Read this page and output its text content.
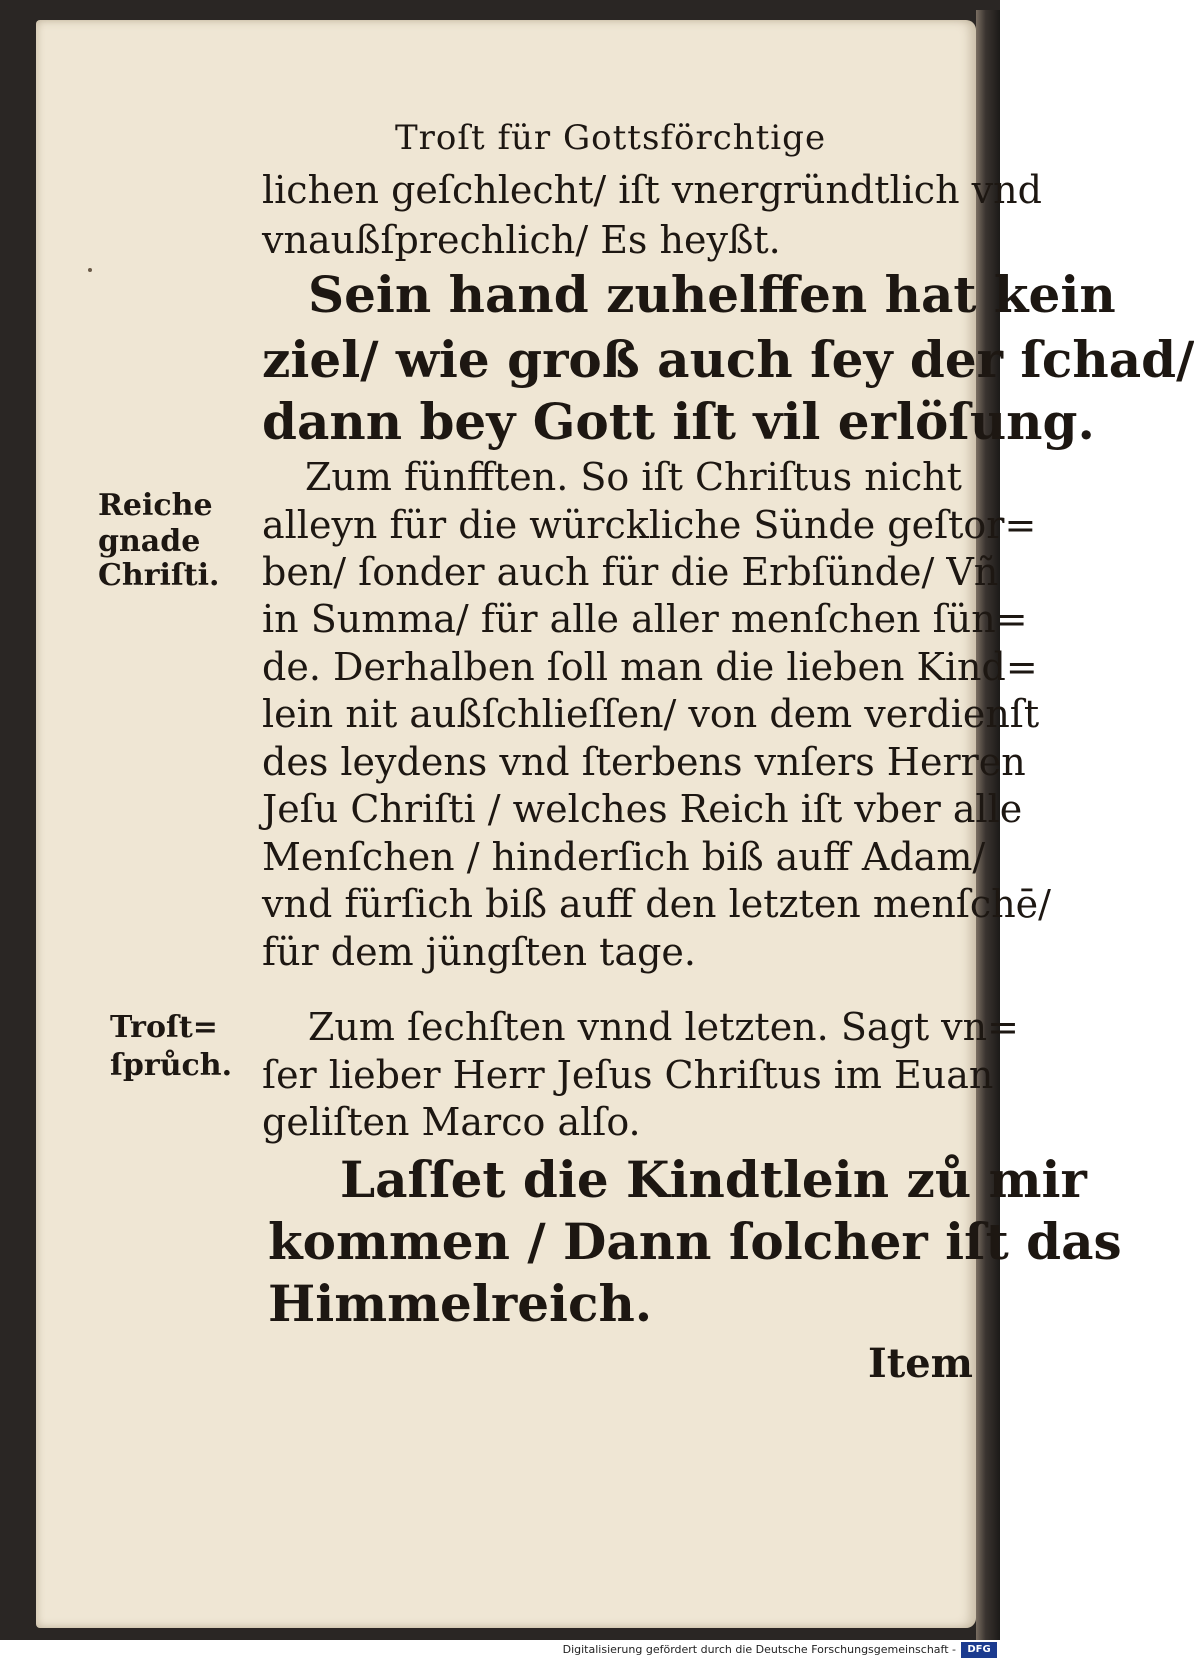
Troſt für Gottsförchtige
lichen geſchlecht/ iſt vnergründtlich vnd
vnaußſprechlich/ Es heyßt.
Sein hand zuhelffen hat kein
ziel/ wie groß auch ſey der ſchad/
dann bey Gott iſt vil erlöſung.
Zum fünfften. So iſt Chriſtus nicht
alleyn für die würckliche Sünde geſtor=
ben/ ſonder auch für die Erbſünde/ Vñ
in Summa/ für alle aller menſchen ſün=
de. Derhalben ſoll man die lieben Kind=
lein nit außſchlieſſen/ von dem verdienſt
des leydens vnd ſterbens vnſers Herren
Jeſu Chriſti / welches Reich iſt vber alle
Menſchen / hinderſich biß auff Adam/
vnd fürſich biß auff den letzten menſchē/
für dem jüngſten tage.
Zum ſechſten vnnd letzten. Sagt vn=
ſer lieber Herr Jeſus Chriſtus im Euan
geliſten Marco alſo.
Laſſet die Kindtlein zů mir
kommen / Dann ſolcher iſt das
Himmelreich.
Item
Reiche
gnade
Chriſti.
Troſt=
ſprůch.
Digitalisierung gefördert durch die Deutsche Forschungsgemeinschaft -	DFG
